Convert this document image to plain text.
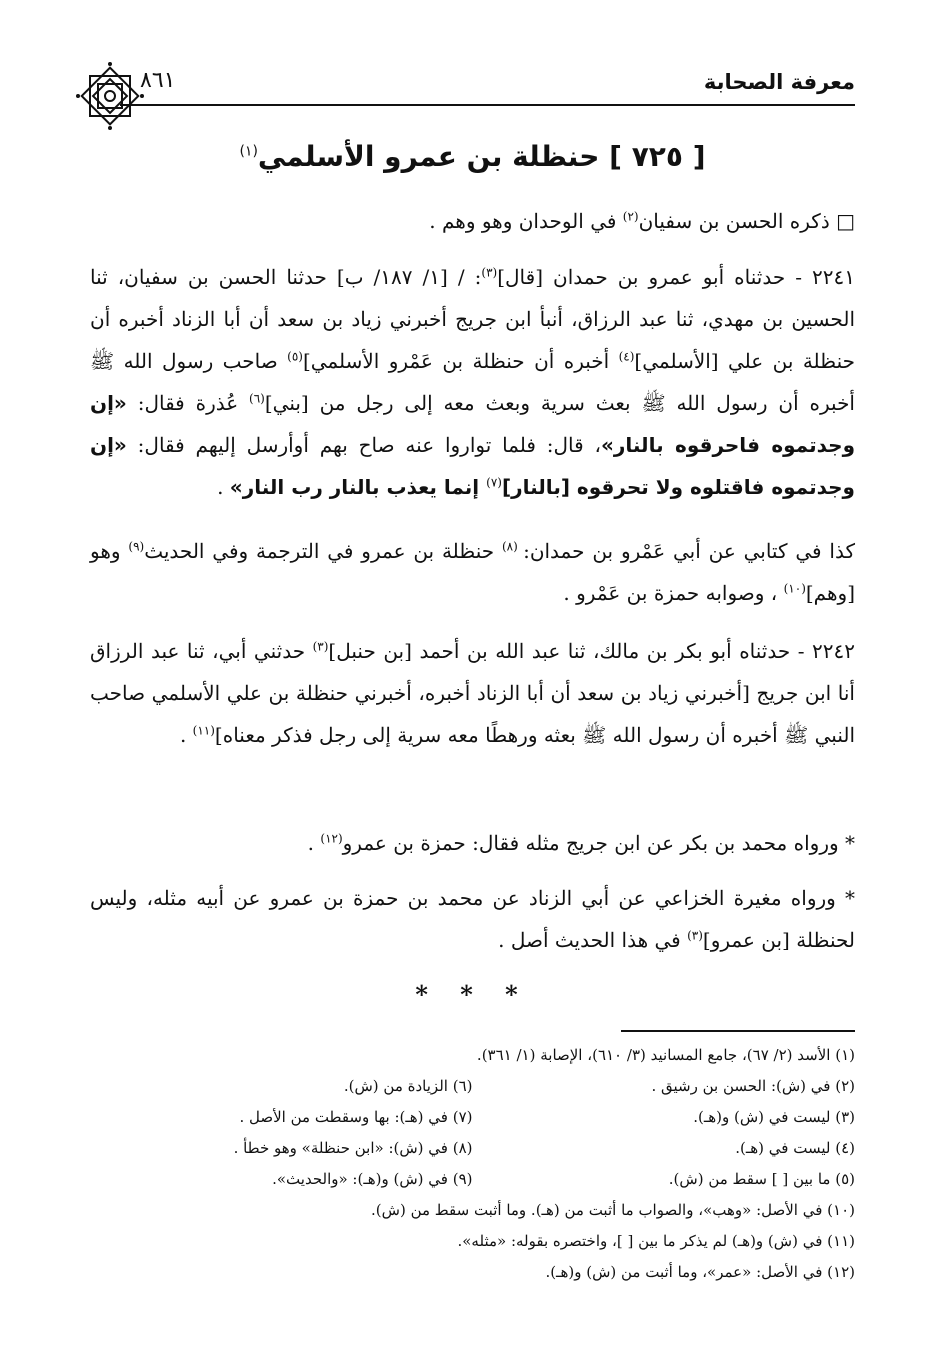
معرفة الصحابة
٨٦١
[ ٧٢٥ ] حنظلة بن عمرو الأسلمي$^{(١)}$

□ ذكره الحسن بن سفيان$^{(٢)}$ في الوحدان وهو وهم .

٢٢٤١ - حدثناه أبو عمرو بن حمدان [قال]$^{(٣)}$: / [١/ ١٨٧/ ب] حدثنا الحسن بن سفيان، ثنا الحسين بن مهدي، ثنا عبد الرزاق، أنبأ ابن جريج أخبرني زياد بن سعد أن أبا الزناد أخبره أن حنظلة بن علي [الأسلمي]$^{(٤)}$ أخبره أن حنظلة بن عَمْرو الأسلمي]$^{(٥)}$ صاحب رسول الله ﷺ أخبره أن رسول الله ﷺ بعث سرية وبعث معه إلى رجل من [بني]$^{(٦)}$ عُذرة فقال: «إن وجدتموه فاحرقوه بالنار»، قال: فلما تواروا عنه صاح بهم أوأرسل إليهم فقال: «إن وجدتموه فاقتلوه ولا تحرقوه [بالنار]$^{(٧)}$ إنما يعذب بالنار رب النار» .

كذا في كتابي عن أبي عَمْرو بن حمدان: $^{(٨)}$ حنظلة بن عمرو في الترجمة وفي الحديث$^{(٩)}$ وهو [وهم]$^{(١٠)}$ ، وصوابه حمزة بن عَمْرو .

٢٢٤٢ - حدثناه أبو بكر بن مالك، ثنا عبد الله بن أحمد [بن حنبل]$^{(٣)}$ حدثني أبي، ثنا عبد الرزاق أنا ابن جريج [أخبرني زياد بن سعد أن أبا الزناد أخبره، أخبرني حنظلة بن علي الأسلمي صاحب النبي ﷺ أخبره أن رسول الله ﷺ بعثه ورهطًا معه سرية إلى رجل فذكر معناه]$^{(١١)}$ .

* ورواه محمد بن بكر عن ابن جريج مثله فقال: حمزة بن عمرو$^{(١٢)}$ .

* ورواه مغيرة الخزاعي عن أبي الزناد عن محمد بن حمزة بن عمرو عن أبيه مثله، وليس لحنظلة [بن عمرو]$^{(٣)}$ في هذا الحديث أصل .

* * *
(١) الأسد (٢/ ٦٧)، جامع المسانيد (٣/ ٦١٠)، الإصابة (١/ ٣٦١).
(٢) في (ش): الحسن بن رشيق .
(٦) الزيادة من (ش).
(٣) ليست في (ش) و(هـ).
(٧) في (هـ): بها وسقطت من الأصل .
(٤) ليست في (هـ).
(٨) في (ش): «ابن حنظلة» وهو خطأ .
(٥) ما بين [ ] سقط من (ش).
(٩) في (ش) و(هـ): «والحديث».
(١٠) في الأصل: «وهب»، والصواب ما أثبت من (هـ). وما أثبت سقط من (ش).
(١١) في (ش) و(هـ) لم يذكر ما بين [ ]، واختصره بقوله: «مثله».
(١٢) في الأصل: «عمر»، وما أثبت من (ش) و(هـ).
